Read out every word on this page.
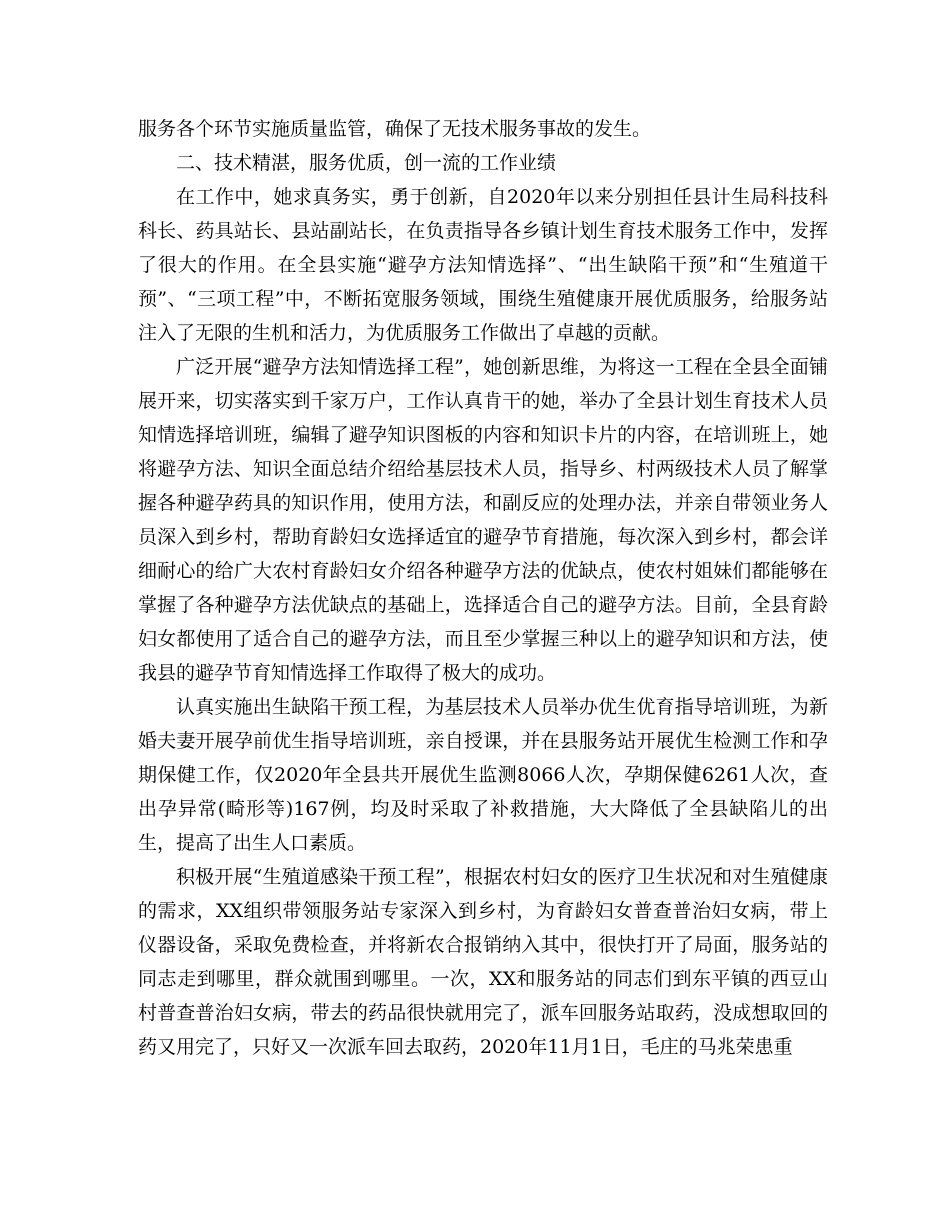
服务各个环节实施质量监管，确保了无技术服务事故的发生。

二、技术精湛，服务优质，创一流的工作业绩

在工作中，她求真务实，勇于创新，自2020年以来分别担任县计生局科技科科长、药具站长、县站副站长，在负责指导各乡镇计划生育技术服务工作中，发挥了很大的作用。在全县实施“避孕方法知情选择”、“出生缺陷干预”和“生殖道干预”、“三项工程”中，不断拓宽服务领域，围绕生殖健康开展优质服务，给服务站注入了无限的生机和活力，为优质服务工作做出了卓越的贡献。

广泛开展“避孕方法知情选择工程”，她创新思维，为将这一工程在全县全面铺展开来，切实落实到千家万户，工作认真肯干的她，举办了全县计划生育技术人员知情选择培训班，编辑了避孕知识图板的内容和知识卡片的内容，在培训班上，她将避孕方法、知识全面总结介绍给基层技术人员，指导乡、村两级技术人员了解掌握各种避孕药具的知识作用，使用方法，和副反应的处理办法，并亲自带领业务人员深入到乡村，帮助育龄妇女选择适宜的避孕节育措施，每次深入到乡村，都会详细耐心的给广大农村育龄妇女介绍各种避孕方法的优缺点，使农村姐妹们都能够在掌握了各种避孕方法优缺点的基础上，选择适合自己的避孕方法。目前，全县育龄妇女都使用了适合自己的避孕方法，而且至少掌握三种以上的避孕知识和方法，使我县的避孕节育知情选择工作取得了极大的成功。

认真实施出生缺陷干预工程，为基层技术人员举办优生优育指导培训班，为新婚夫妻开展孕前优生指导培训班，亲自授课，并在县服务站开展优生检测工作和孕期保健工作，仅2020年全县共开展优生监测8066人次，孕期保健6261人次，查出孕异常(畸形等)167例，均及时采取了补救措施，大大降低了全县缺陷儿的出生，提高了出生人口素质。

积极开展“生殖道感染干预工程”，根据农村妇女的医疗卫生状况和对生殖健康的需求，XX组织带领服务站专家深入到乡村，为育龄妇女普查普治妇女病，带上仪器设备，采取免费检查，并将新农合报销纳入其中，很快打开了局面，服务站的同志走到哪里，群众就围到哪里。一次，XX和服务站的同志们到东平镇的西豆山村普查普治妇女病，带去的药品很快就用完了，派车回服务站取药，没成想取回的药又用完了，只好又一次派车回去取药，2020年11月1日，毛庄的马兆荣患重
